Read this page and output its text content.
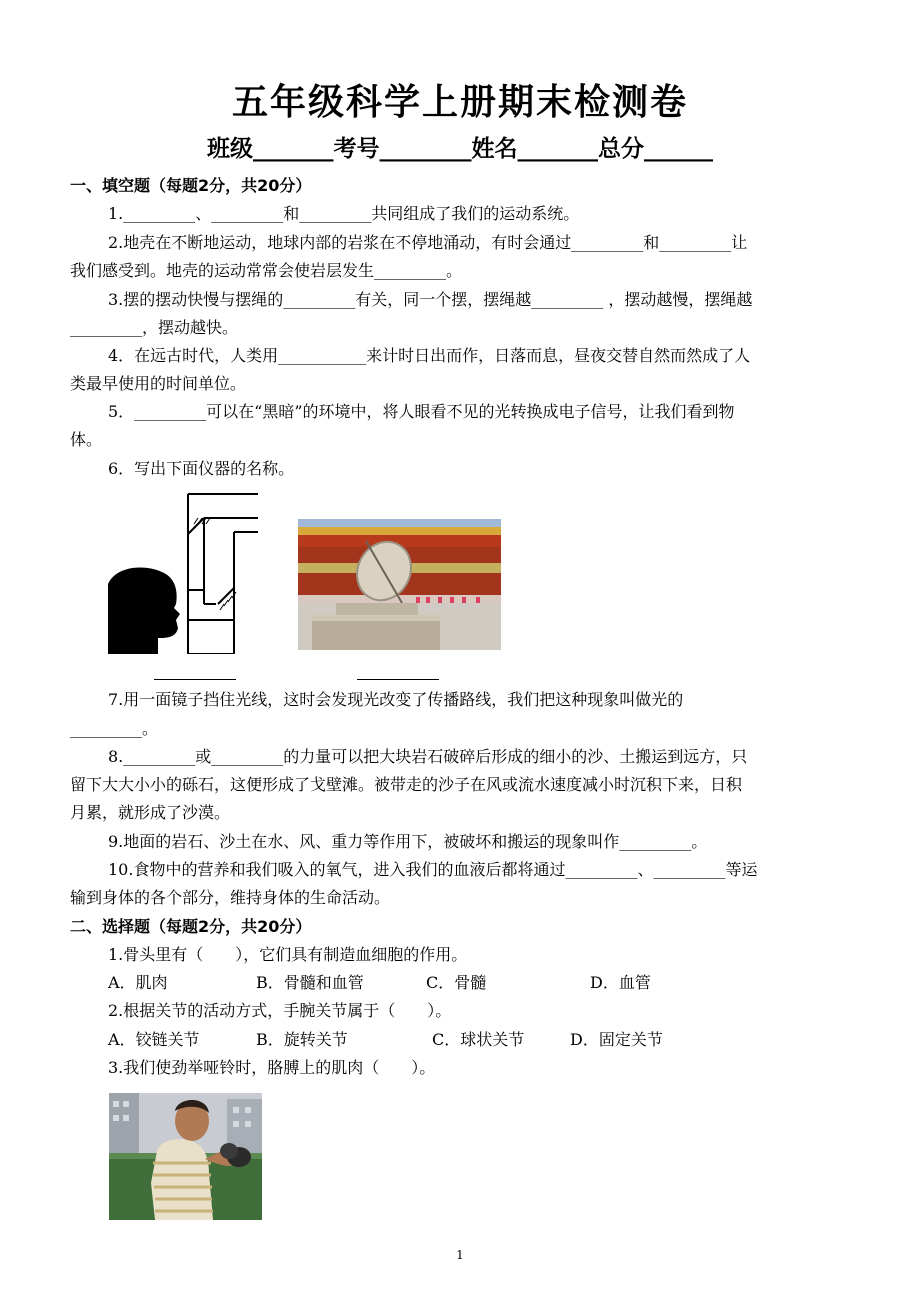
五年级科学上册期末检测卷
班级_______考号________姓名_______总分______
一、填空题（每题2分，共20分）
1._________、_________和_________共同组成了我们的运动系统。
2.地壳在不断地运动，地球内部的岩浆在不停地涌动，有时会通过_________和_________让
我们感受到。地壳的运动常常会使岩层发生_________。
3.摆的摆动快慢与摆绳的_________有关，同一个摆，摆绳越_________ ，摆动越慢，摆绳越
_________，摆动越快。
4．在远古时代，人类用___________来计时日出而作，日落而息，昼夜交替自然而然成了人
类最早使用的时间单位。
5．_________可以在“黑暗”的环境中，将人眼看不见的光转换成电子信号，让我们看到物
体。
6．写出下面仪器的名称。
7.用一面镜子挡住光线，这时会发现光改变了传播路线，我们把这种现象叫做光的
_________。
8._________或_________的力量可以把大块岩石破碎后形成的细小的沙、土搬运到远方，只
留下大大小小的砾石，这便形成了戈壁滩。被带走的沙子在风或流水速度减小时沉积下来，日积
月累，就形成了沙漠。
9.地面的岩石、沙土在水、风、重力等作用下，被破坏和搬运的现象叫作_________。
10.食物中的营养和我们吸入的氧气，进入我们的血液后都将通过_________、_________等运
输到身体的各个部分，维持身体的生命活动。
二、选择题（每题2分，共20分）
1.骨头里有（　　），它们具有制造血细胞的作用。
A．肌肉	B．骨髓和血管	C．骨髓	D．血管
2.根据关节的活动方式，手腕关节属于（　　）。
A．铰链关节	B．旋转关节	C．球状关节	D．固定关节
3.我们使劲举哑铃时，胳膊上的肌肉（　　）。
1
